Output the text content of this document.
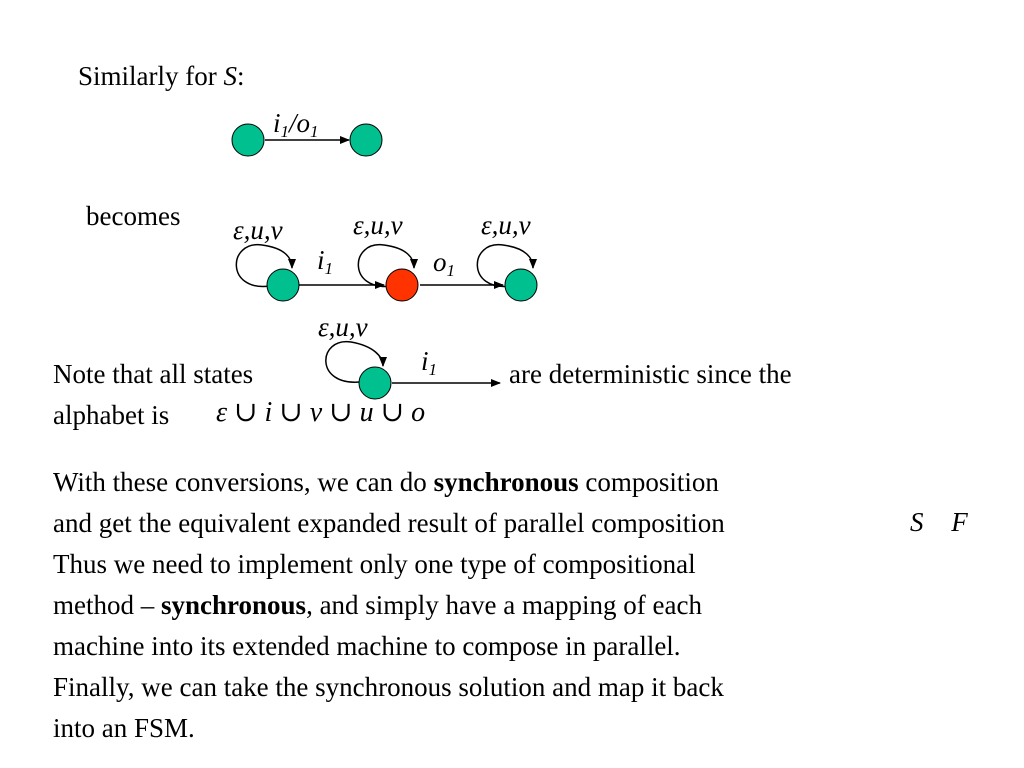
Similarly for S:
$i_1/o_1$
becomes ε,u,v	ε,u,v	ε,u,v
$i_1$	$o_1$
ε,u,v
$i_1$
Note that all states	are deterministic since the
alphabet is ε ∪ i ∪ v ∪ u ∪ o
With these conversions, we can do synchronous composition
and get the equivalent expanded result of parallel composition
Thus we need to implement only one type of compositional
method – synchronous, and simply have a mapping of each
machine into its extended machine to compose in parallel.
Finally, we can take the synchronous solution and map it back
into an FSM.
S  F
